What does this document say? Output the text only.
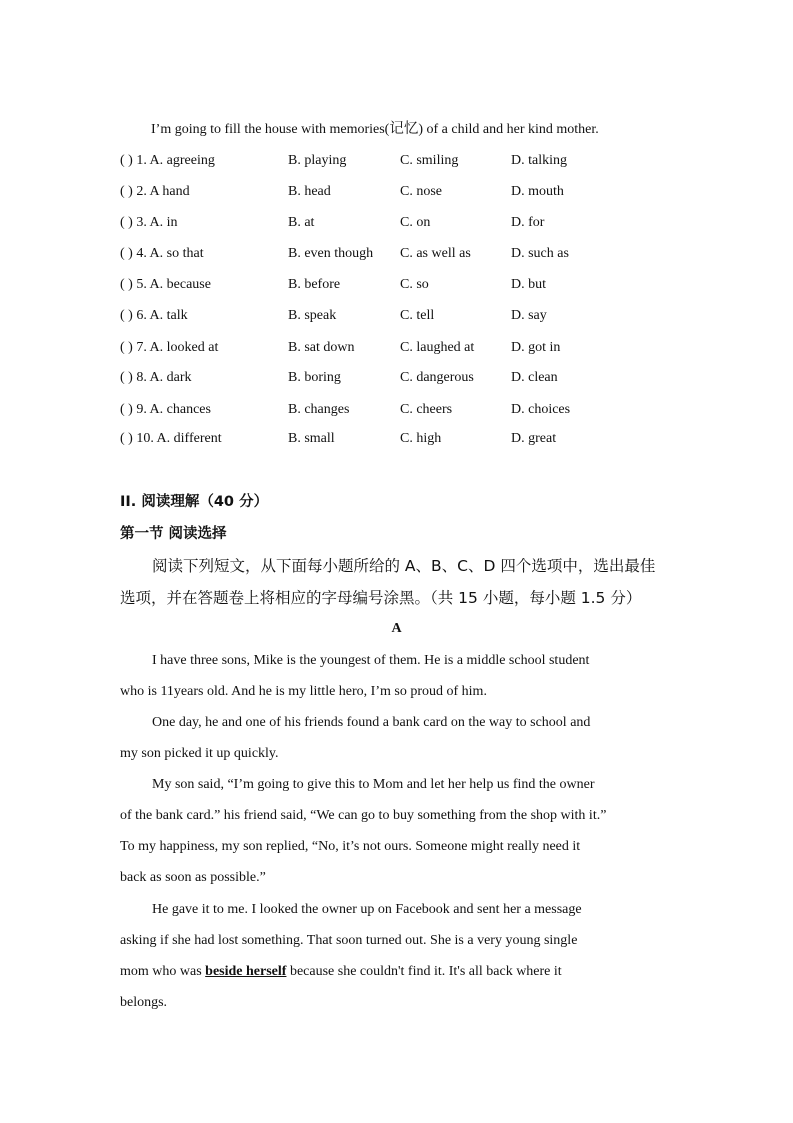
I’m going to fill the house with memories(记忆) of a child and her kind mother.
( ) 1. A. agreeing	B. playing	C. smiling	D. talking
( ) 2. A hand	B. head	C. nose	D. mouth
( ) 3. A. in	B. at	C. on	D. for
( ) 4. A. so that	B. even though C. as well as	D. such as
( ) 5. A. because	B. before	C. so	D. but
( ) 6. A. talk	B. speak	C. tell	D. say
( ) 7. A. looked at	B. sat down	C. laughed at	D. got in
( ) 8. A. dark	B. boring	C. dangerous	D. clean
( ) 9. A. chances	B. changes	C. cheers	D. choices
( ) 10. A. different	B. small	C. high	D. great
II. 阅读理解（40 分）
第一节 阅读选择
阅读下列短文，从下面每小题所给的 A、B、C、D 四个选项中，选出最佳
选项，并在答题卷上将相应的字母编号涂黑。（共 15 小题，每小题 1.5 分）
A
I have three sons, Mike is the youngest of them. He is a middle school student
who is 11years old. And he is my little hero, I’m so proud of him.
One day, he and one of his friends found a bank card on the way to school and
my son picked it up quickly.
My son said, “I’m going to give this to Mom and let her help us find the owner
of the bank card.” his friend said, “We can go to buy something from the shop with it.”
To my happiness, my son replied, “No, it’s not ours. Someone might really need it
back as soon as possible.”
He gave it to me. I looked the owner up on Facebook and sent her a message
asking if she had lost something. That soon turned out. She is a very young single
mom who was beside herself because she couldn't find it. It's all back where it
belongs.
